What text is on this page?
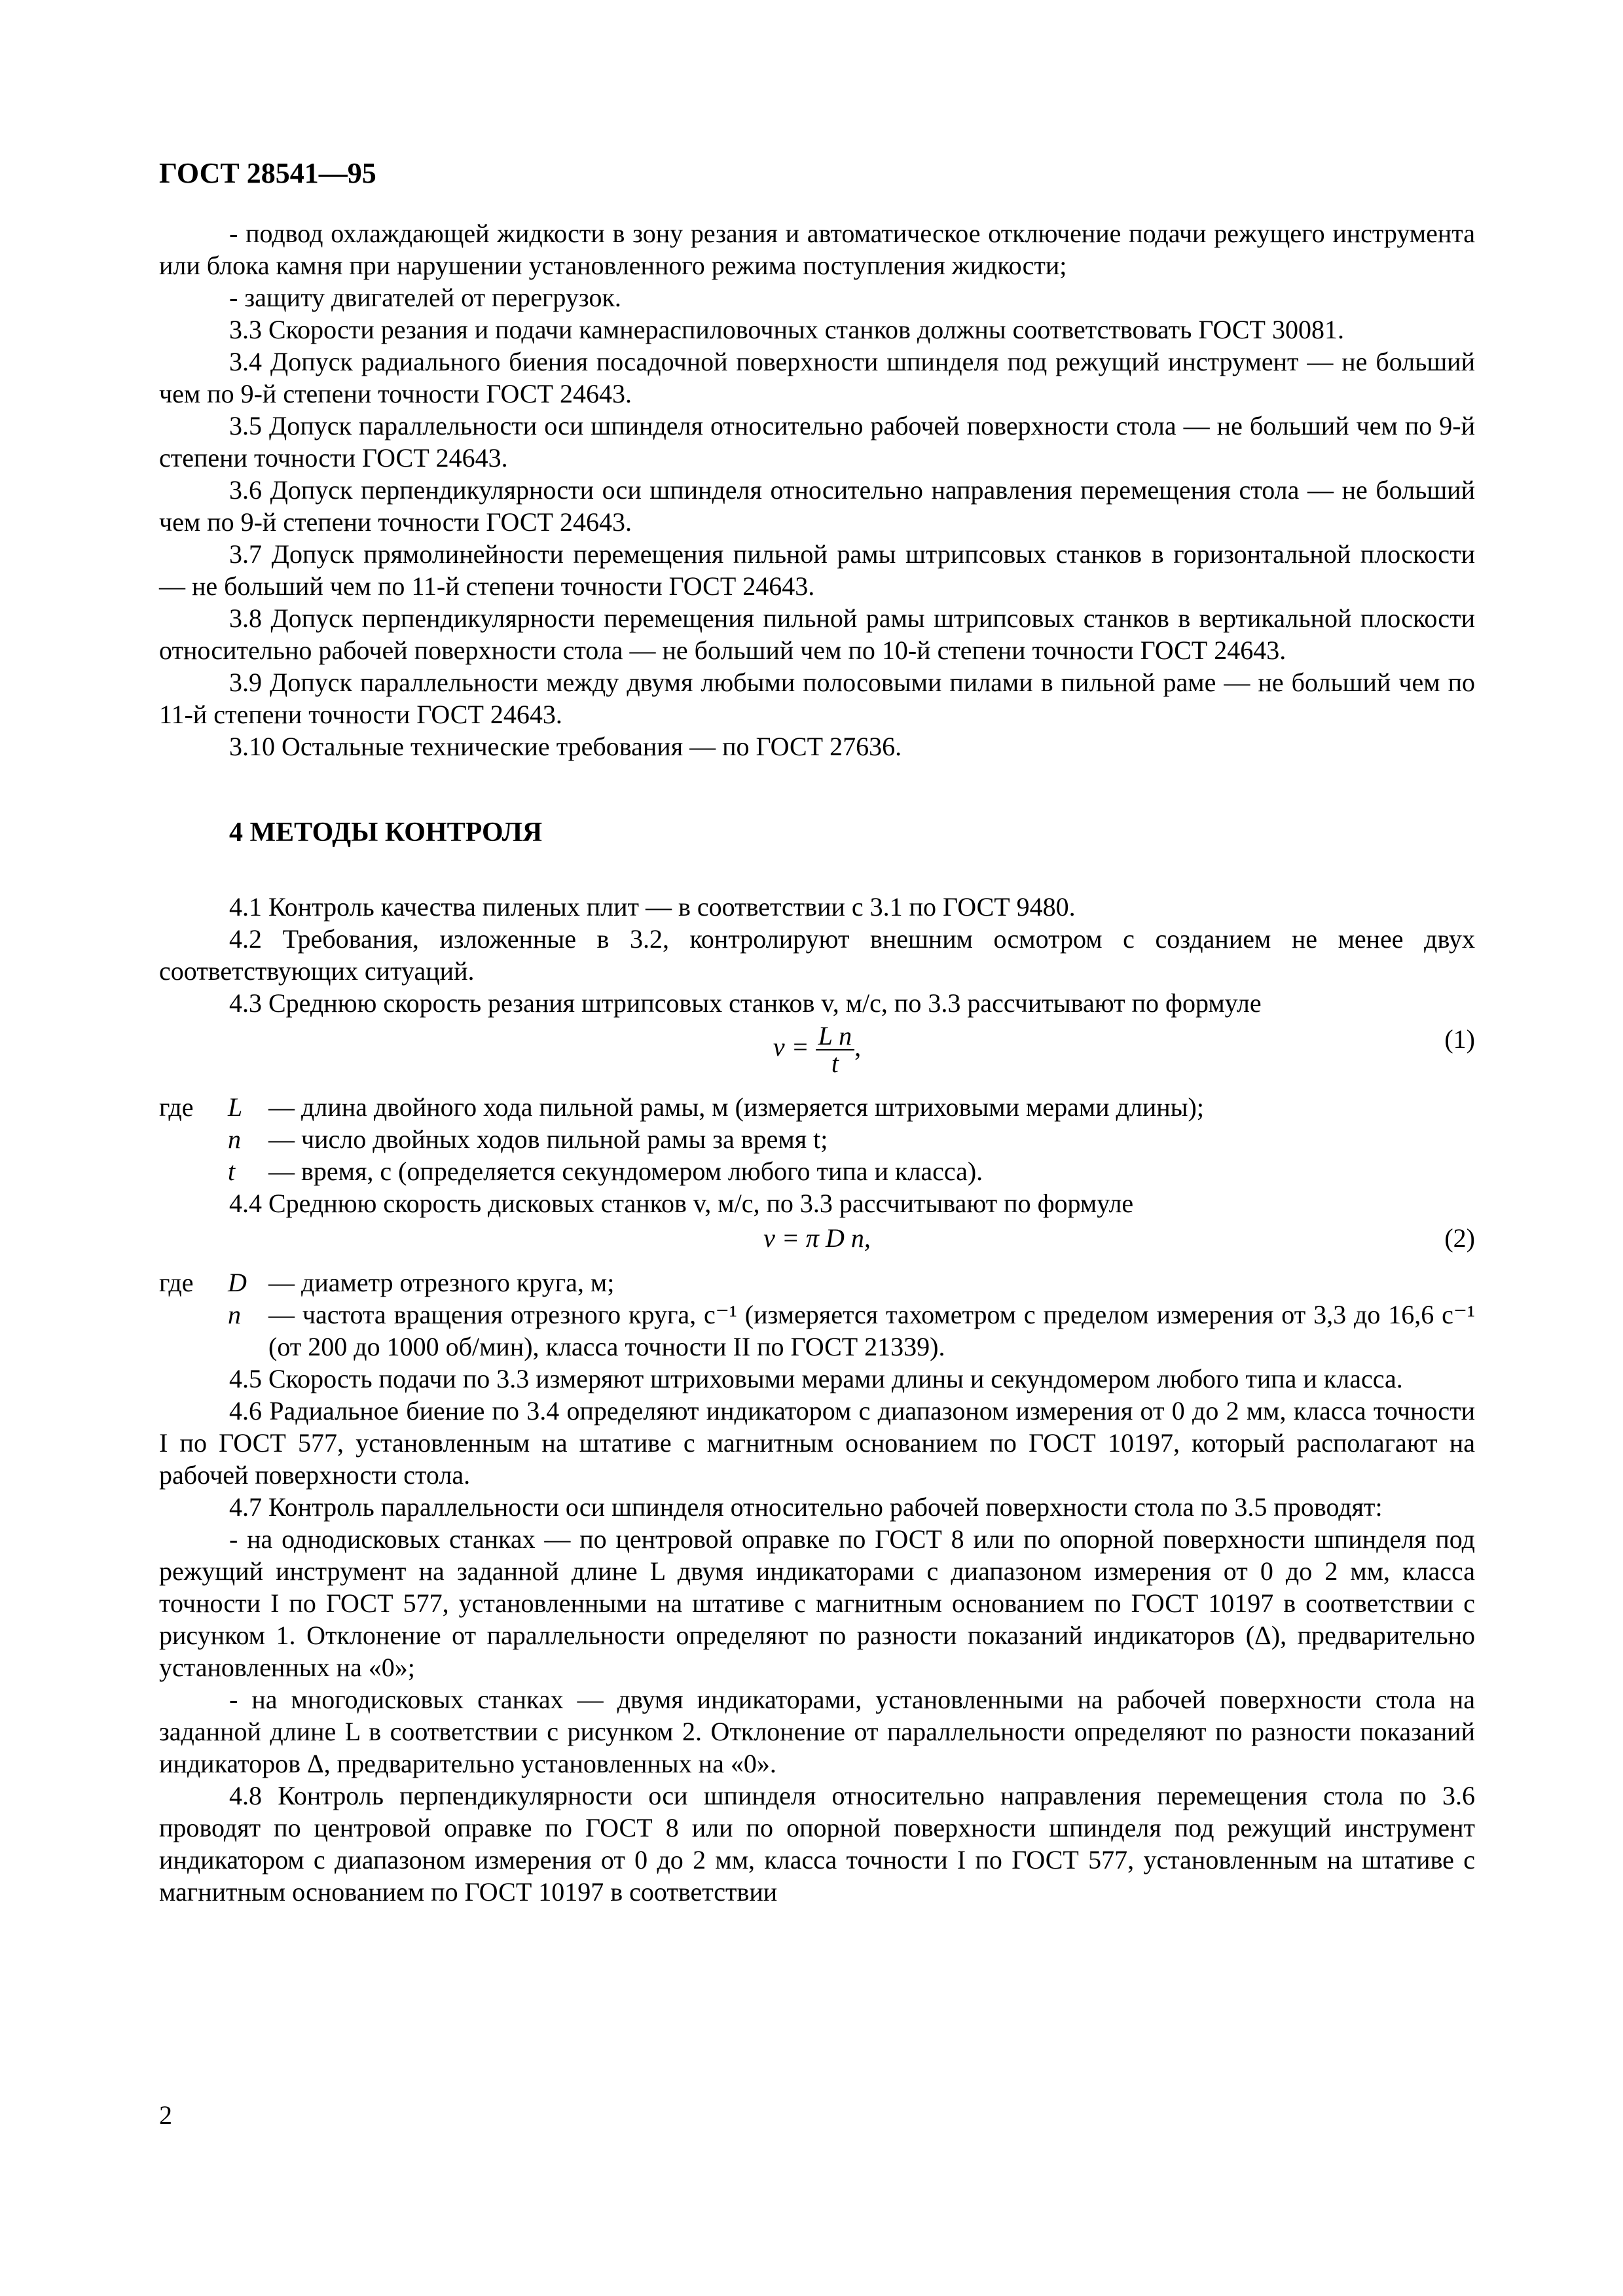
ГОСТ 28541—95

- подвод охлаждающей жидкости в зону резания и автоматическое отключение подачи режущего инструмента или блока камня при нарушении установленного режима поступления жидкости;

- защиту двигателей от перегрузок.

3.3 Скорости резания и подачи камнераспиловочных станков должны соответствовать ГОСТ 30081.

3.4 Допуск радиального биения посадочной поверхности шпинделя под режущий инструмент — не больший чем по 9-й степени точности ГОСТ 24643.

3.5 Допуск параллельности оси шпинделя относительно рабочей поверхности стола — не больший чем по 9-й степени точности ГОСТ 24643.

3.6 Допуск перпендикулярности оси шпинделя относительно направления перемещения стола — не больший чем по 9-й степени точности ГОСТ 24643.

3.7 Допуск прямолинейности перемещения пильной рамы штрипсовых станков в горизонтальной плоскости — не больший чем по 11-й степени точности ГОСТ 24643.

3.8 Допуск перпендикулярности перемещения пильной рамы штрипсовых станков в вертикальной плоскости относительно рабочей поверхности стола — не больший чем по 10-й степени точности ГОСТ 24643.

3.9 Допуск параллельности между двумя любыми полосовыми пилами в пильной раме — не больший чем по 11-й степени точности ГОСТ 24643.

3.10 Остальные технические требования — по ГОСТ 27636.

4 МЕТОДЫ КОНТРОЛЯ

4.1 Контроль качества пиленых плит — в соответствии с 3.1 по ГОСТ 9480.

4.2 Требования, изложенные в 3.2, контролируют внешним осмотром с созданием не менее двух соответствующих ситуаций.

4.3 Среднюю скорость резания штрипсовых станков v, м/с, по 3.3 рассчитывают по формуле

$v = \frac{\text{L n}}{t}$ ,	(1)
где	L — длина двойного хода пильной рамы, м (измеряется штриховыми мерами длины);
n	— число двойных ходов пильной рамы за время t;
t	— время, с (определяется секундомером любого типа и класса).

4.4 Среднюю скорость дисковых станков v, м/с, по 3.3 рассчитывают по формуле

v = π D n,	(2)
где	D — диаметр отрезного круга, м;
n	— частота вращения отрезного круга, с⁻¹ (измеряется тахометром с пределом измерения от 3,3 до 16,6 с⁻¹ (от 200 до 1000 об/мин), класса точности II по ГОСТ 21339).

4.5 Скорость подачи по 3.3 измеряют штриховыми мерами длины и секундомером любого типа и класса.

4.6 Радиальное биение по 3.4 определяют индикатором с диапазоном измерения от 0 до 2 мм, класса точности I по ГОСТ 577, установленным на штативе с магнитным основанием по ГОСТ 10197, который располагают на рабочей поверхности стола.

4.7 Контроль параллельности оси шпинделя относительно рабочей поверхности стола по 3.5 проводят:

- на однодисковых станках — по центровой оправке по ГОСТ 8 или по опорной поверхности шпинделя под режущий инструмент на заданной длине L двумя индикаторами с диапазоном измерения от 0 до 2 мм, класса точности I по ГОСТ 577, установленными на штативе с магнитным основанием по ГОСТ 10197 в соответствии с рисунком 1. Отклонение от параллельности определяют по разности показаний индикаторов (Δ), предварительно установленных на «0»;

- на многодисковых станках — двумя индикаторами, установленными на рабочей поверхности стола на заданной длине L в соответствии с рисунком 2. Отклонение от параллельности определяют по разности показаний индикаторов Δ, предварительно установленных на «0».

4.8 Контроль перпендикулярности оси шпинделя относительно направления перемещения стола по 3.6 проводят по центровой оправке по ГОСТ 8 или по опорной поверхности шпинделя под режущий инструмент индикатором с диапазоном измерения от 0 до 2 мм, класса точности I по ГОСТ 577, установленным на штативе с магнитным основанием по ГОСТ 10197 в соответствии

2
